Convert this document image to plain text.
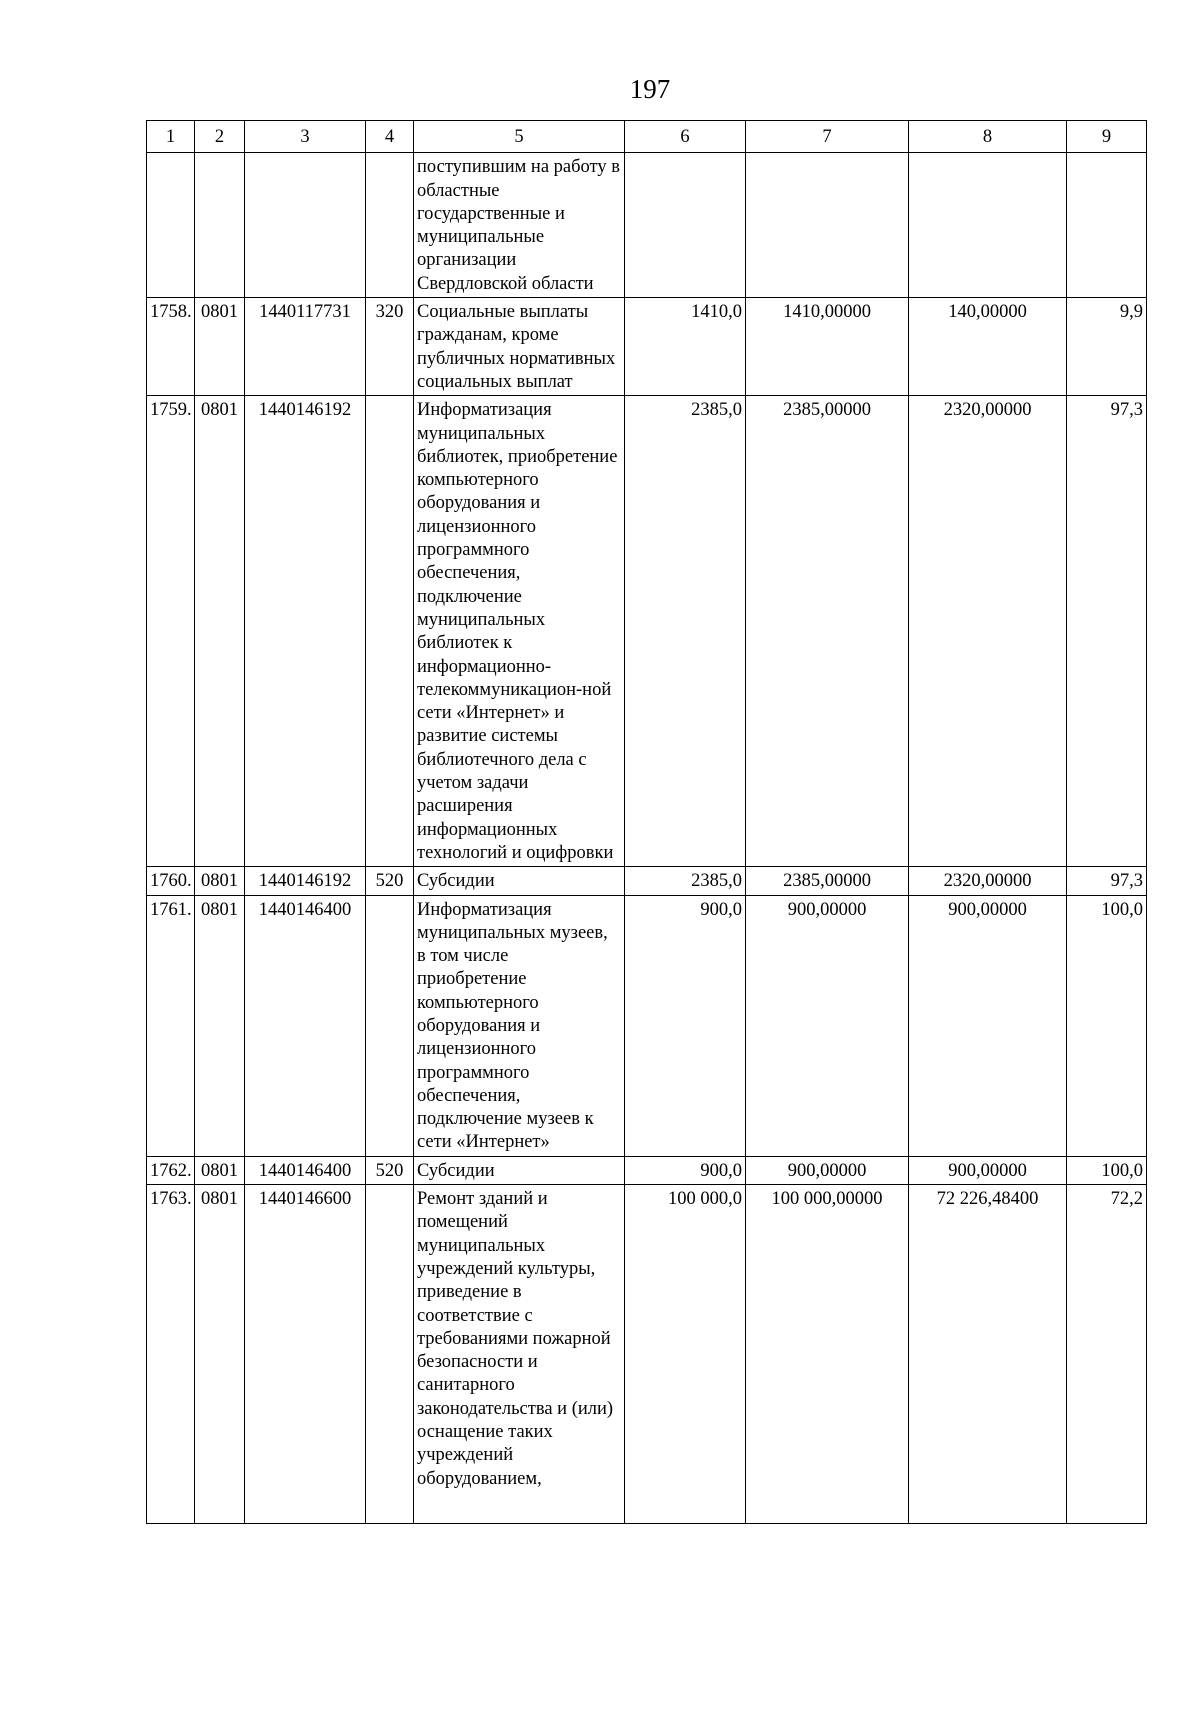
197
1	2	3	4	5	6	7	8	9
				поступившим на работу в областные государственные и муниципальные организации Свердловской области				
1758.	0801	1440117731	320	Социальные выплаты гражданам, кроме публичных нормативных социальных выплат	1410,0	1410,00000	140,00000	9,9
1759.	0801	1440146192		Информатизация муниципальных библиотек, приобретение компьютерного оборудования и лицензионного программного обеспечения, подключение муниципальных библиотек к информационно-телекоммуникацион-ной сети «Интернет» и развитие системы библиотечного дела с учетом задачи расширения информационных технологий и оцифровки	2385,0	2385,00000	2320,00000	97,3
1760.	0801	1440146192	520	Субсидии	2385,0	2385,00000	2320,00000	97,3
1761.	0801	1440146400		Информатизация муниципальных музеев, в том числе приобретение компьютерного оборудования и лицензионного программного обеспечения, подключение музеев к сети «Интернет»	900,0	900,00000	900,00000	100,0
1762.	0801	1440146400	520	Субсидии	900,0	900,00000	900,00000	100,0
1763.	0801	1440146600		Ремонт зданий и помещений муниципальных учреждений культуры, приведение в соответствие с требованиями пожарной безопасности и санитарного законодательства и (или) оснащение таких учреждений оборудованием,	100 000,0	100 000,00000	72 226,48400	72,2
